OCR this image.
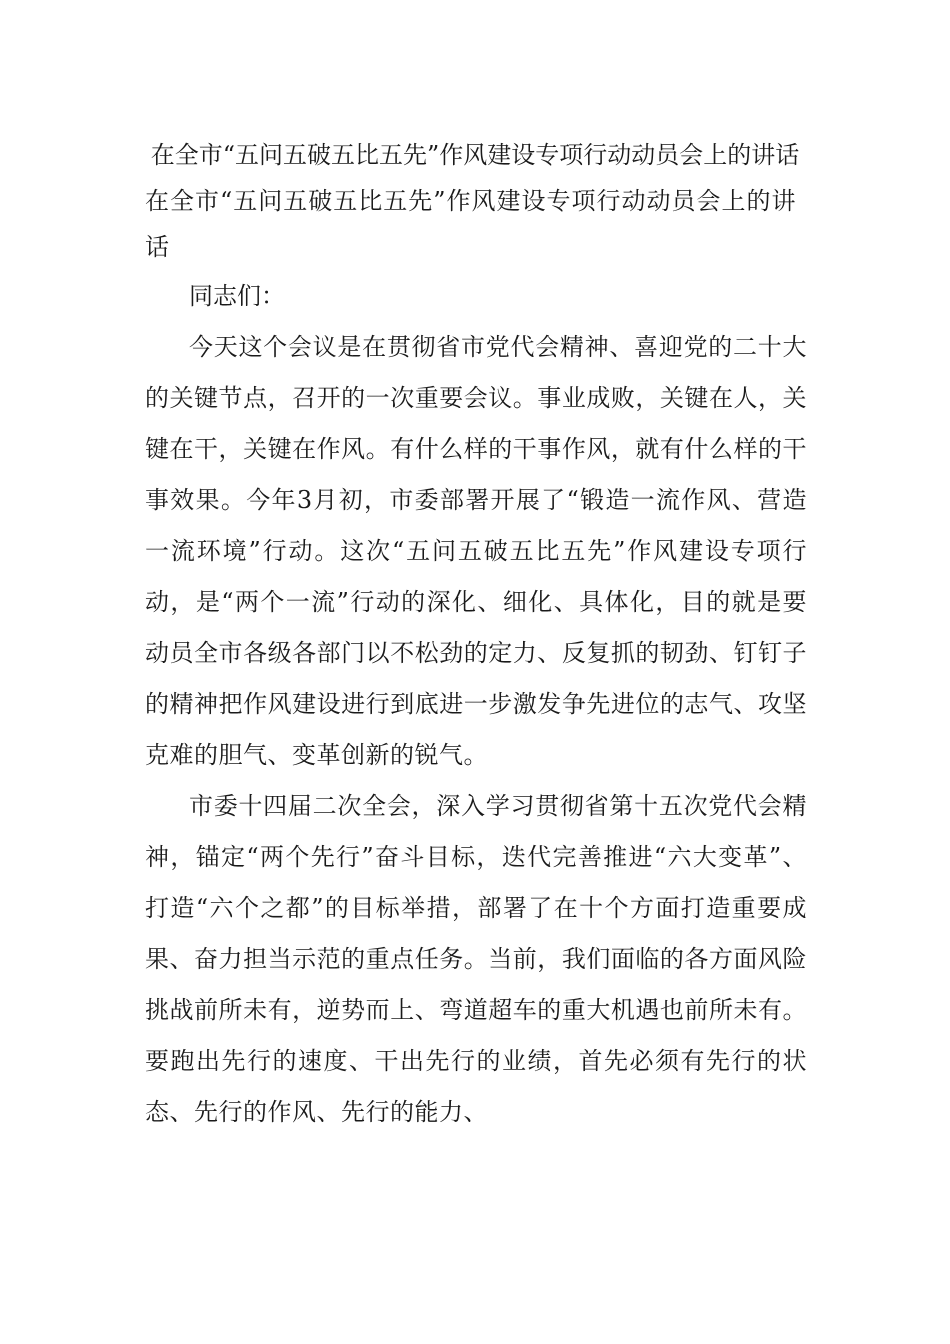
在全市“五问五破五比五先”作风建设专项行动动员会上的讲话

在全市“五问五破五比五先”作风建设专项行动动员会上的讲话

同志们：

今天这个会议是在贯彻省市党代会精神、喜迎党的二十大的关键节点，召开的一次重要会议。事业成败，关键在人，关键在干，关键在作风。有什么样的干事作风，就有什么样的干事效果。今年3月初，市委部署开展了“锻造一流作风、营造一流环境”行动。这次“五问五破五比五先”作风建设专项行动，是“两个一流”行动的深化、细化、具体化，目的就是要动员全市各级各部门以不松劲的定力、反复抓的韧劲、钉钉子的精神把作风建设进行到底进一步激发争先进位的志气、攻坚克难的胆气、变革创新的锐气。

市委十四届二次全会，深入学习贯彻省第十五次党代会精神，锚定“两个先行”奋斗目标，迭代完善推进“六大变革”、打造“六个之都”的目标举措，部署了在十个方面打造重要成果、奋力担当示范的重点任务。当前，我们面临的各方面风险挑战前所未有，逆势而上、弯道超车的重大机遇也前所未有。要跑出先行的速度、干出先行的业绩，首先必须有先行的状态、先行的作风、先行的能力、
